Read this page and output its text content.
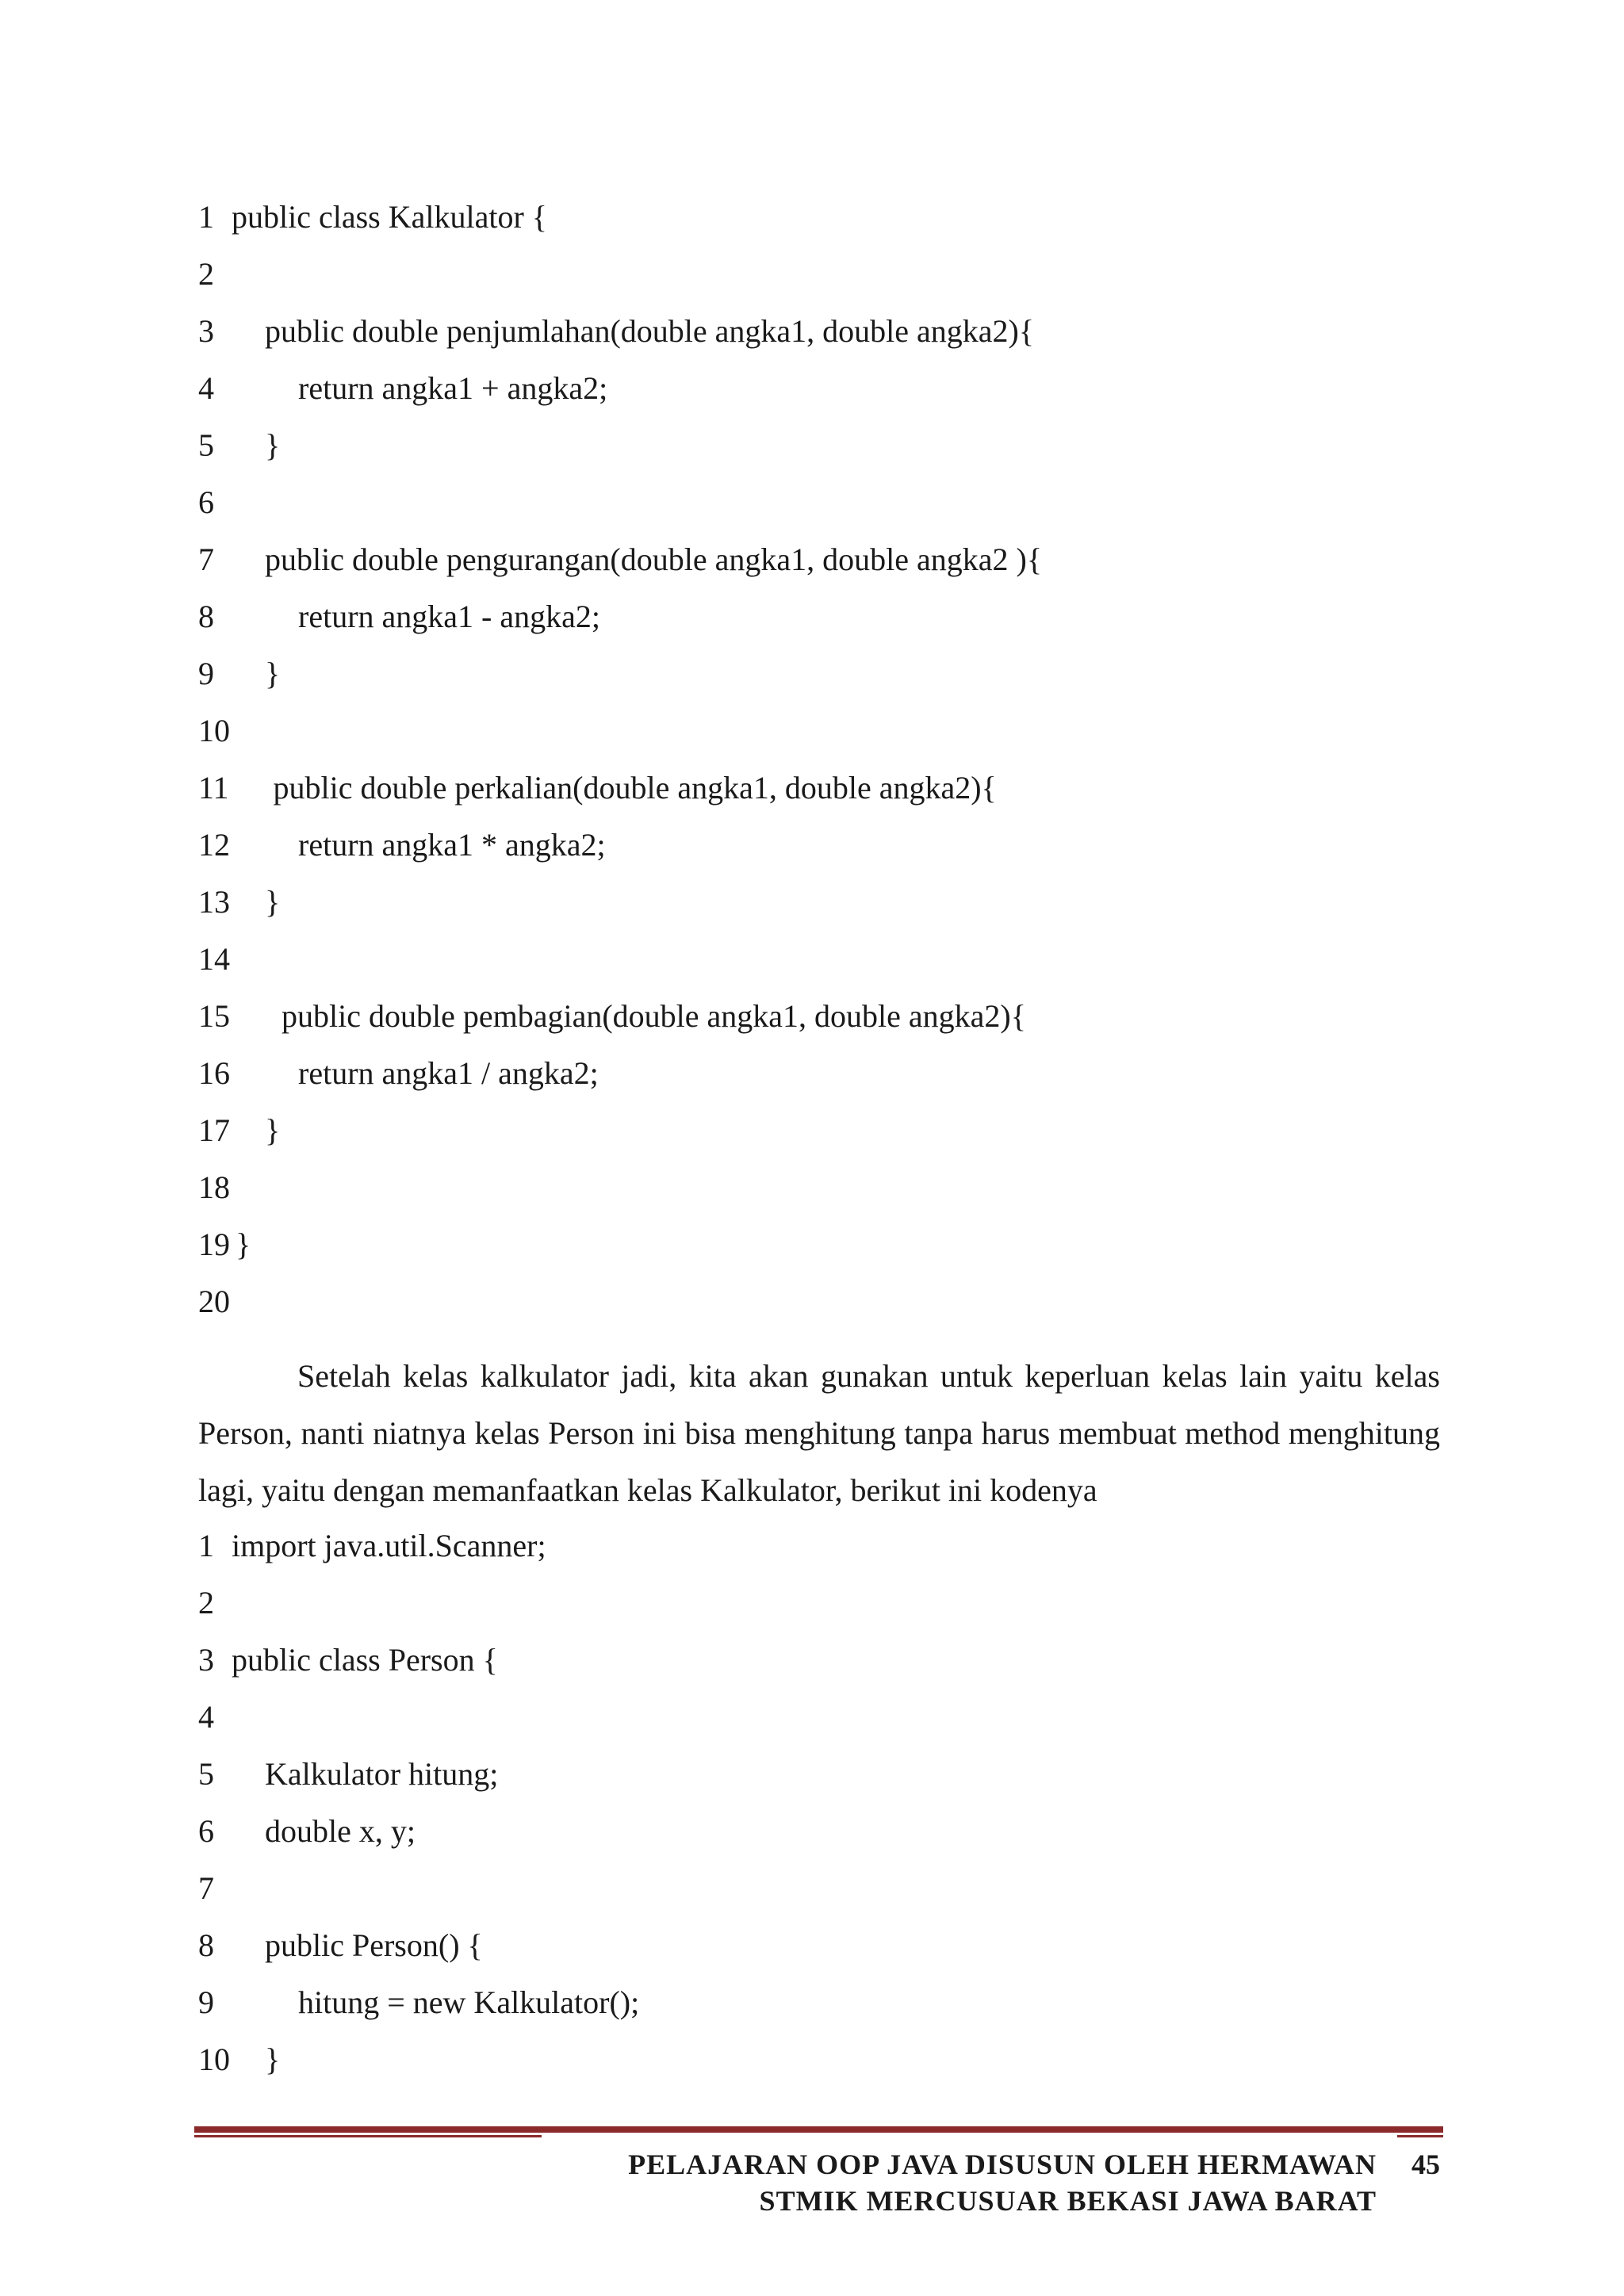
1 public class Kalkulator {
2
3 public double penjumlahan(double angka1, double angka2){
4	return angka1 + angka2;
5 }
6
7 public double pengurangan(double angka1, double angka2 ){
8	return angka1 - angka2;
9 }
10
11 public double perkalian(double angka1, double angka2){
12 return angka1 * angka2;
13 }
14
15 public double pembagian(double angka1, double angka2){
16 return angka1 / angka2;
17 }
18
19 }
20

Setelah kelas kalkulator jadi, kita akan gunakan untuk keperluan kelas lain yaitu kelas Person, nanti niatnya kelas Person ini bisa menghitung tanpa harus membuat method menghitung lagi, yaitu dengan memanfaatkan kelas Kalkulator, berikut ini kodenya

1 import java.util.Scanner;
2
3 public class Person {
4
5 Kalkulator hitung;
6 double x, y;
7
8 public Person() {
9	hitung = new Kalkulator();
10 }
PELAJARAN OOP JAVA DISUSUN OLEH HERMAWAN
STMIK MERCUSUAR BEKASI JAWA BARAT
45
